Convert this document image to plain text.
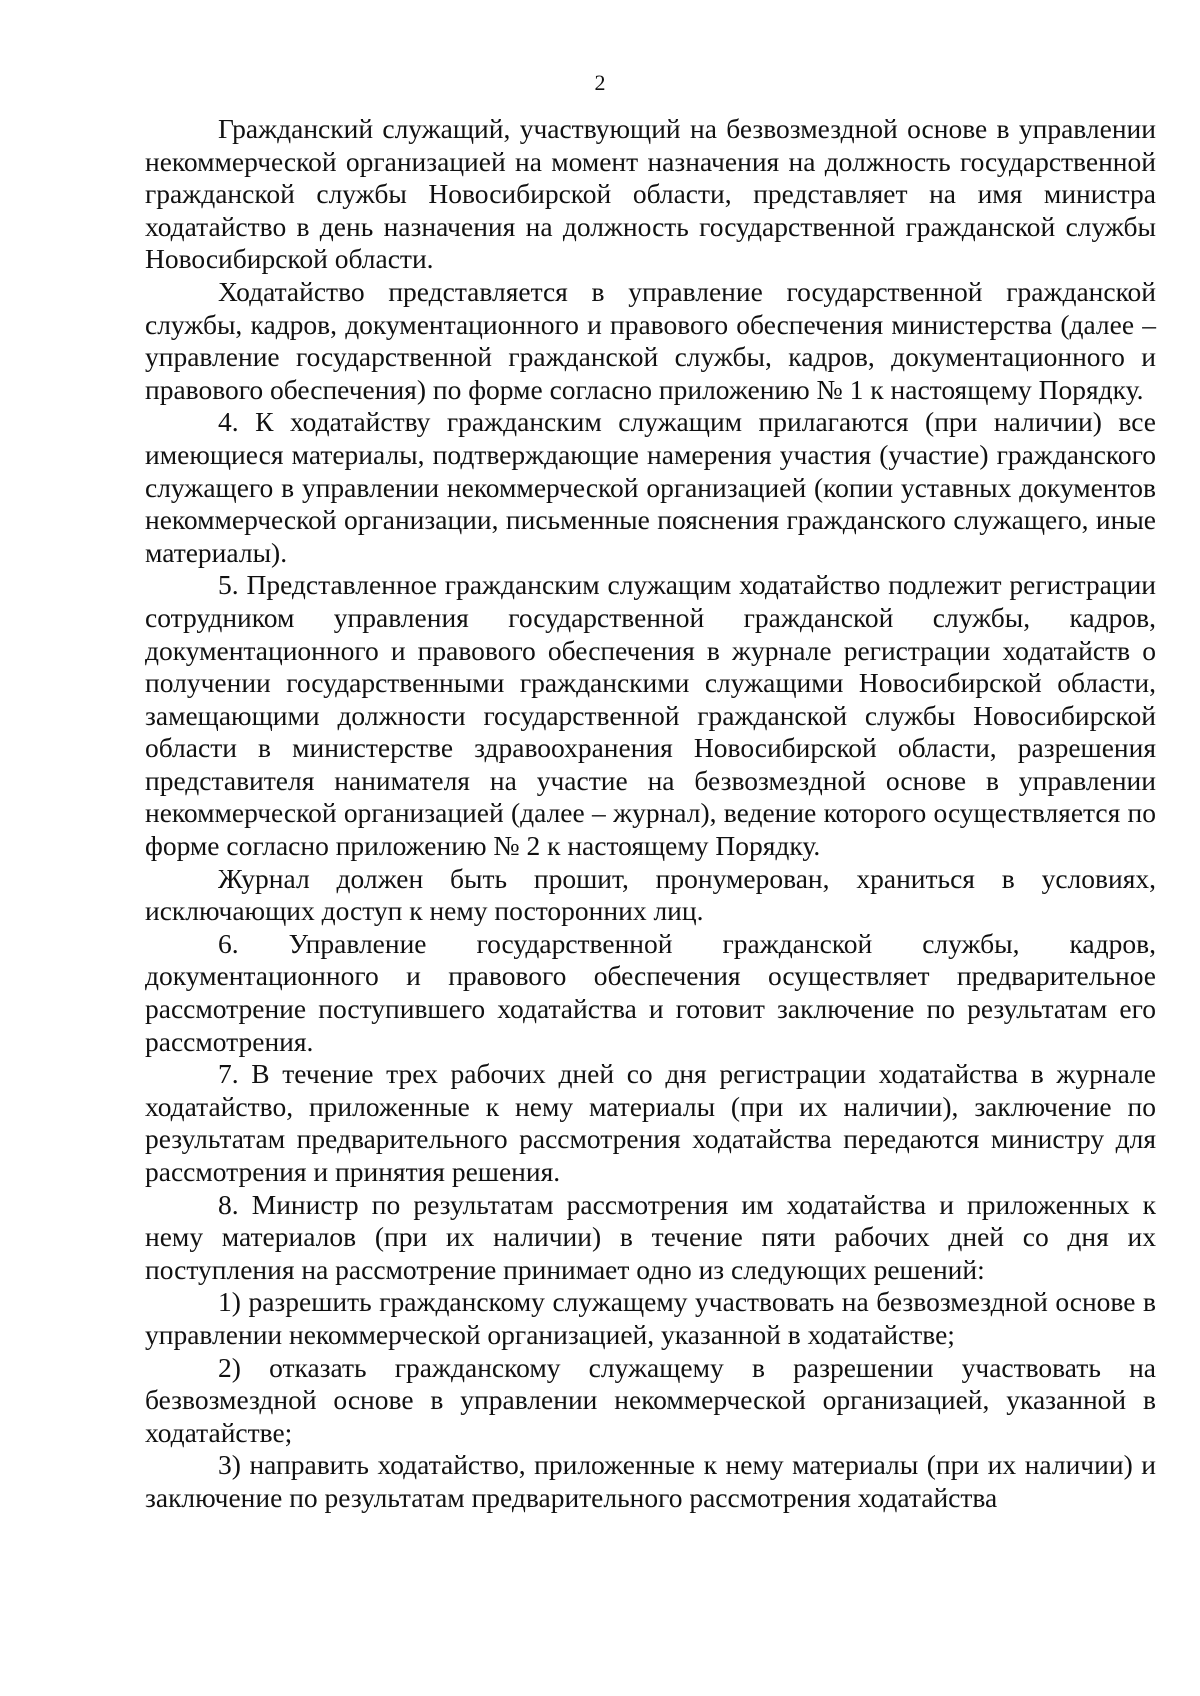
2

Гражданский служащий, участвующий на безвозмездной основе в управлении некоммерческой организацией на момент назначения на должность государственной гражданской службы Новосибирской области, представляет на имя министра ходатайство в день назначения на должность государственной гражданской службы Новосибирской области.

Ходатайство представляется в управление государственной гражданской службы, кадров, документационного и правового обеспечения министерства (далее – управление государственной гражданской службы, кадров, документационного и правового обеспечения) по форме согласно приложению № 1 к настоящему Порядку.

4. К ходатайству гражданским служащим прилагаются (при наличии) все имеющиеся материалы, подтверждающие намерения участия (участие) гражданского служащего в управлении некоммерческой организацией (копии уставных документов некоммерческой организации, письменные пояснения гражданского служащего, иные материалы).

5. Представленное гражданским служащим ходатайство подлежит регистрации сотрудником управления государственной гражданской службы, кадров, документационного и правового обеспечения в журнале регистрации ходатайств о получении государственными гражданскими служащими Новосибирской области, замещающими должности государственной гражданской службы Новосибирской области в министерстве здравоохранения Новосибирской области, разрешения представителя нанимателя на участие на безвозмездной основе в управлении некоммерческой организацией (далее – журнал), ведение которого осуществляется по форме согласно приложению № 2 к настоящему Порядку.

Журнал должен быть прошит, пронумерован, храниться в условиях, исключающих доступ к нему посторонних лиц.

6. Управление государственной гражданской службы, кадров, документационного и правового обеспечения осуществляет предварительное рассмотрение поступившего ходатайства и готовит заключение по результатам его рассмотрения.

7. В течение трех рабочих дней со дня регистрации ходатайства в журнале ходатайство, приложенные к нему материалы (при их наличии), заключение по результатам предварительного рассмотрения ходатайства передаются министру для рассмотрения и принятия решения.

8. Министр по результатам рассмотрения им ходатайства и приложенных к нему материалов (при их наличии) в течение пяти рабочих дней со дня их поступления на рассмотрение принимает одно из следующих решений:

1) разрешить гражданскому служащему участвовать на безвозмездной основе в управлении некоммерческой организацией, указанной в ходатайстве;

2) отказать гражданскому служащему в разрешении участвовать на безвозмездной основе в управлении некоммерческой организацией, указанной в ходатайстве;

3) направить ходатайство, приложенные к нему материалы (при их наличии) и заключение по результатам предварительного рассмотрения ходатайства
